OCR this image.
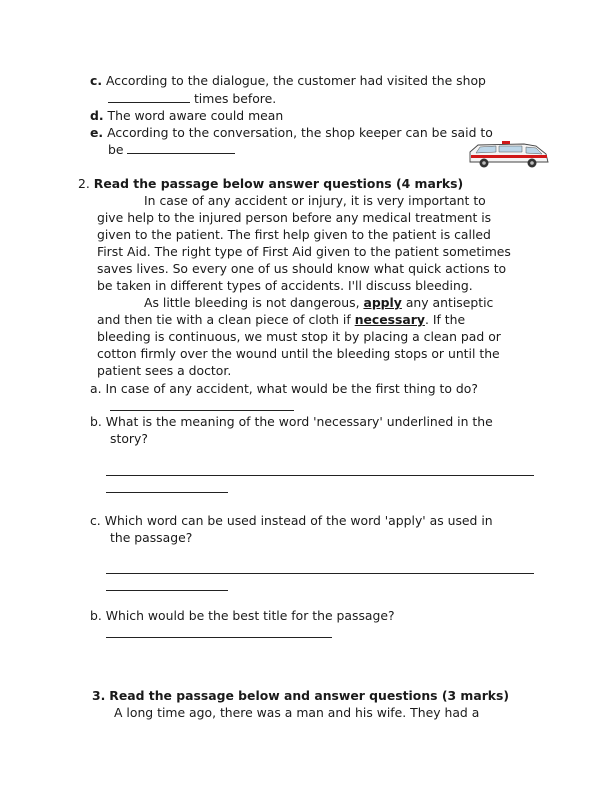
c. According to the dialogue, the customer had visited the shop
times before.
d. The word aware could mean
e. According to the conversation, the shop keeper can be said to
be
2. Read the passage below answer questions (4 marks)
In case of any accident or injury, it is very important to
give help to the injured person before any medical treatment is
given to the patient. The first help given to the patient is called
First Aid. The right type of First Aid given to the patient sometimes
saves lives. So every one of us should know what quick actions to
be taken in different types of accidents. I'll discuss bleeding.
As little bleeding is not dangerous, apply any antiseptic
and then tie with a clean piece of cloth if necessary. If the
bleeding is continuous, we must stop it by placing a clean pad or
cotton firmly over the wound until the bleeding stops or until the
patient sees a doctor.
a. In case of any accident, what would be the first thing to do?
b. What is the meaning of the word 'necessary' underlined in the
story?
c. Which word can be used instead of the word 'apply' as used in
the passage?
b. Which would be the best title for the passage?
3. Read the passage below and answer questions (3 marks)
A long time ago, there was a man and his wife. They had a
